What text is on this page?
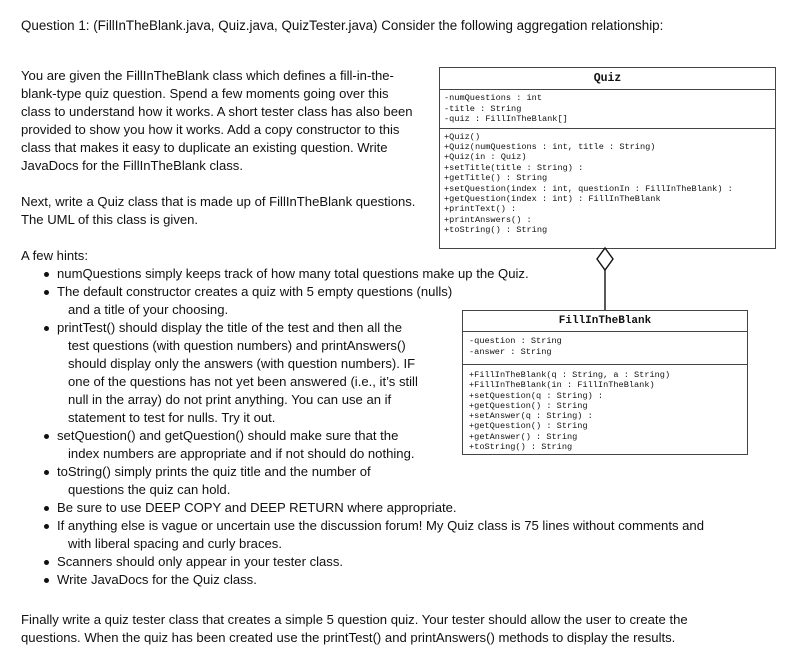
Question 1: (FillInTheBlank.java, Quiz.java, QuizTester.java) Consider the following aggregation relationship:
You are given the FillInTheBlank class which defines a fill-in-the-
blank-type quiz question. Spend a few moments going over this
class to understand how it works. A short tester class has also been
provided to show you how it works. Add a copy constructor to this
class that makes it easy to duplicate an existing question. Write
JavaDocs for the FillInTheBlank class.
Next, write a Quiz class that is made up of FillInTheBlank questions.
The UML of this class is given.
A few hints:
numQuestions simply keeps track of how many total questions make up the Quiz.
The default constructor creates a quiz with 5 empty questions (nulls)
and a title of your choosing.
printTest() should display the title of the test and then all the
test questions (with question numbers) and printAnswers()
should display only the answers (with question numbers). IF
one of the questions has not yet been answered (i.e., it’s still
null in the array) do not print anything. You can use an if
statement to test for nulls. Try it out.
setQuestion() and getQuestion() should make sure that the
index numbers are appropriate and if not should do nothing.
toString() simply prints the quiz title and the number of
questions the quiz can hold.
Be sure to use DEEP COPY and DEEP RETURN where appropriate.
If anything else is vague or uncertain use the discussion forum! My Quiz class is 75 lines without comments and
with liberal spacing and curly braces.
Scanners should only appear in your tester class.
Write JavaDocs for the Quiz class.
Finally write a quiz tester class that creates a simple 5 question quiz. Your tester should allow the user to create the
questions. When the quiz has been created use the printTest() and printAnswers() methods to display the results.
Quiz
-numQuestions : int
-title : String
-quiz : FillInTheBlank[]
+Quiz()
+Quiz(numQuestions : int, title : String)
+Quiz(in : Quiz)
+setTitle(title : String) :
+getTitle() : String
+setQuestion(index : int, questionIn : FillInTheBlank) :
+getQuestion(index : int) : FillInTheBlank
+printText() :
+printAnswers() :
+toString() : String
FillInTheBlank
-question : String
-answer : String
+FillInTheBlank(q : String, a : String)
+FillInTheBlank(in : FillInTheBlank)
+setQuestion(q : String) :
+getQuestion() : String
+setAnswer(q : String) :
+getQuestion() : String
+getAnswer() : String
+toString() : String
